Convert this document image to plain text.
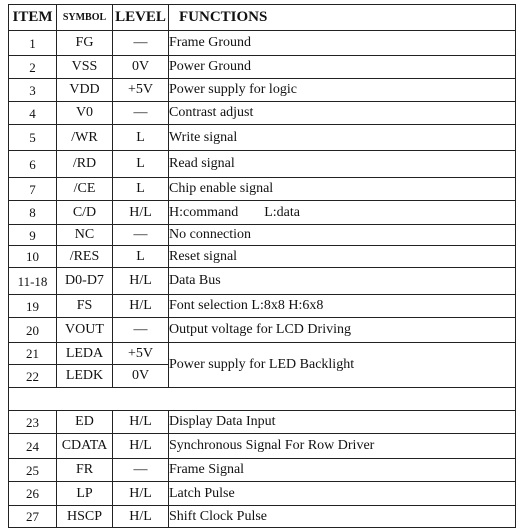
ITEM	SYMBOL	LEVEL	FUNCTIONS
1	FG	—	Frame Ground
2	VSS	0V	Power Ground
3	VDD	+5V	Power supply for logic
4	V0	—	Contrast adjust
5	/WR	L	Write signal
6	/RD	L	Read signal
7	/CE	L	Chip enable signal
8	C/D	H/L	H:command L:data
9	NC	—	No connection
10	/RES	L	Reset signal
11-18	D0-D7	H/L	Data Bus
19	FS	H/L	Font selection L:8x8 H:6x8
20	VOUT	—	Output voltage for LCD Driving
21	LEDA	+5V	Power supply for LED Backlight
22	LEDK	0V	

23	ED	H/L	Display Data Input
24	CDATA	H/L	Synchronous Signal For Row Driver
25	FR	—	Frame Signal
26	LP	H/L	Latch Pulse
27	HSCP	H/L	Shift Clock Pulse
